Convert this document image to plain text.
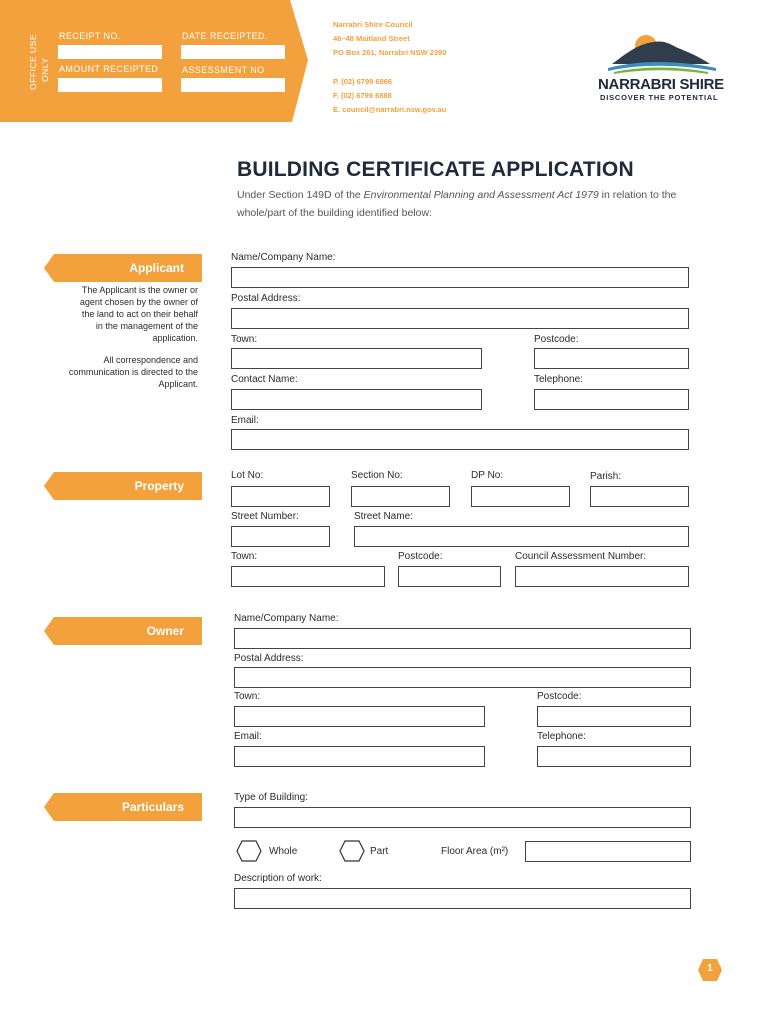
OFFICE USE ONLY
RECEIPT NO.	DATE RECEIPTED.
AMOUNT RECEIPTED	ASSESSMENT NO
Narrabri Shire Council
46–48 Maitland Street
PO Box 261, Narrabri NSW 2390
P. (02) 6799 6866
F. (02) 6799 6888
E. council@narrabri.nsw.gov.au
NARRABRI SHIRE
DISCOVER THE POTENTIAL
BUILDING CERTIFICATE APPLICATION
Under Section 149D of the Environmental Planning and Assessment Act 1979 in relation to the whole/part of the building identified below:
Applicant
The Applicant is the owner or
agent chosen by the owner of
the land to act on their behalf
in the management of the
application.
All correspondence and
communication is directed to the
Applicant.
Name/Company Name:
Postal Address:
Town:	Postcode:
Contact Name:	Telephone:
Email:
Property
Lot No:	Section No:	DP No:	Parish:
Street Number:	Street Name:
Town:	Postcode:	Council Assessment Number:
Owner
Name/Company Name:
Postal Address:
Town:	Postcode:
Email:	Telephone:
Particulars
Type of Building:
Whole	Part	Floor Area (m²)
Description of work:
1
